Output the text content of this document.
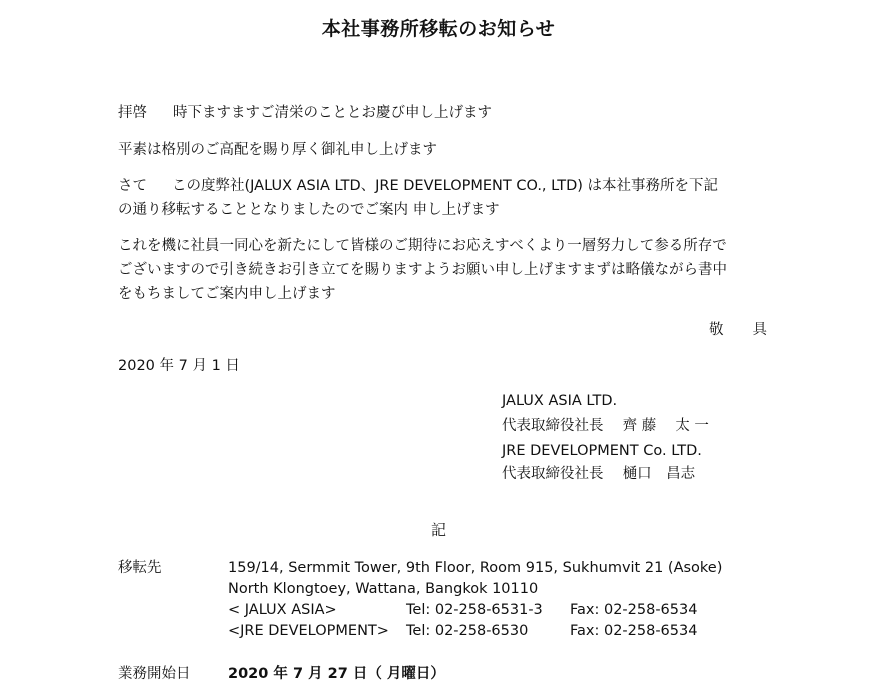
本社事務所移転のお知らせ
拝啓 時下ますますご清栄のこととお慶び申し上げます
平素は格別のご高配を賜り厚く御礼申し上げます
さて この度弊社(JALUX ASIA LTD、JRE DEVELOPMENT CO., LTD) は本社事務所を下記
の通り移転することとなりましたのでご案内 申し上げます
これを機に社員一同心を新たにして皆様のご期待にお応えすべくより一層努力して参る所存で
ございますので引き続きお引き立てを賜りますようお願い申し上げますまずは略儀ながら書中
をもちましてご案内申し上げます
敬　　具
2020 年 7 月 1 日
JALUX ASIA LTD.
代表取締役社長　 齊 藤　 太 一
JRE DEVELOPMENT Co. LTD.
代表取締役社長　 樋口　昌志
記
移転先	159/14, Sermmit Tower, 9th Floor, Room 915, Sukhumvit 21 (Asoke)
North Klongtoey, Wattana, Bangkok 10110
< JALUX ASIA>	Tel: 02-258-6531-3 Fax: 02-258-6534
<JRE DEVELOPMENT> Tel: 02-258-6530	Fax: 02-258-6534
業務開始日	2020 年 7 月 27 日（ 月曜日）
